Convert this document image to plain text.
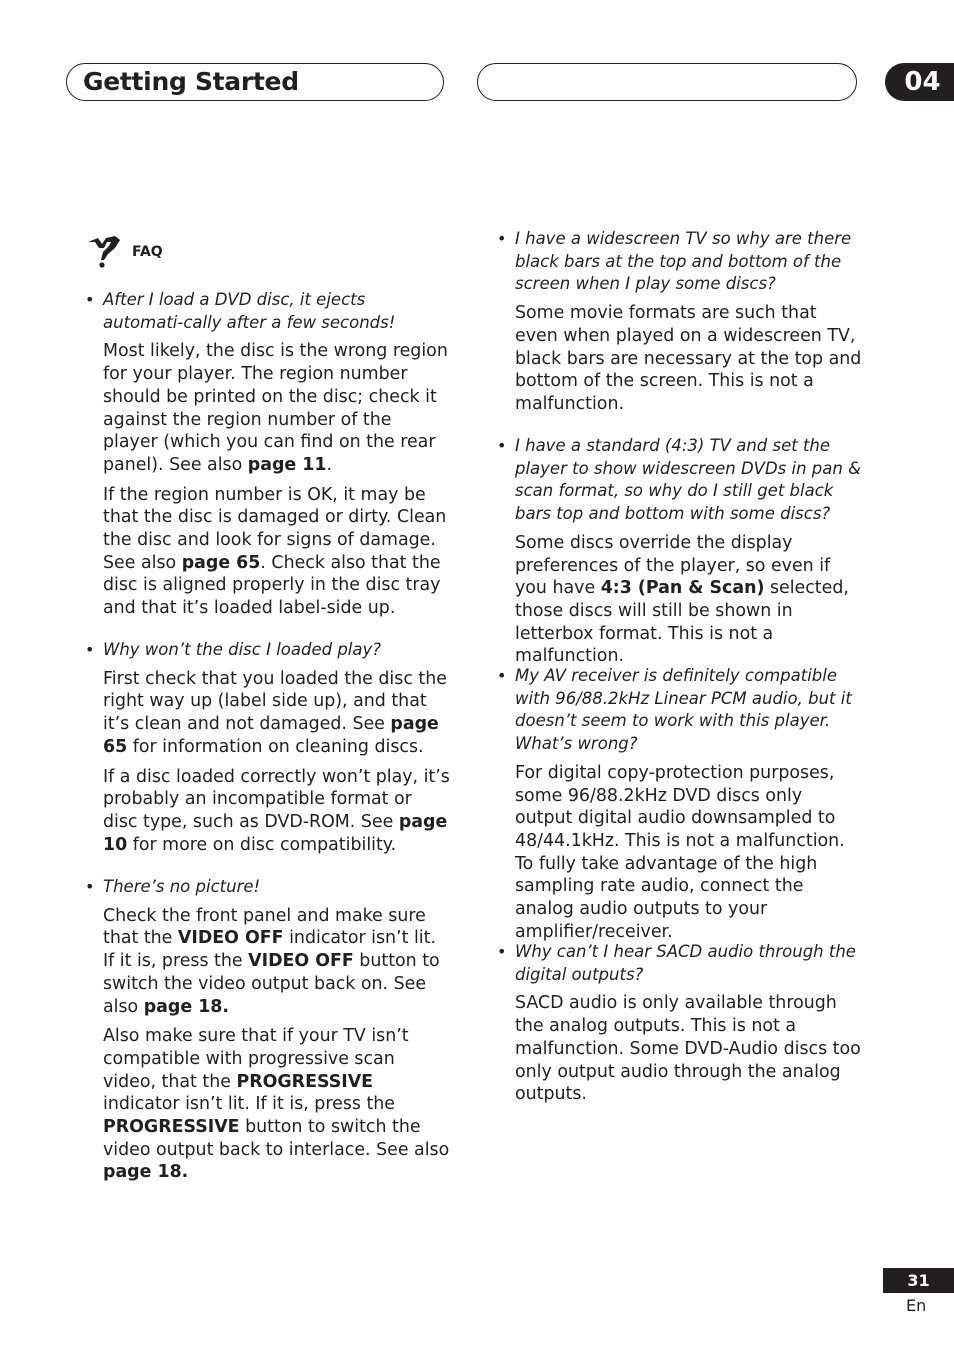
Getting Started	04
FAQ

• After I load a DVD disc, it ejects automati-cally after a few seconds!

Most likely, the disc is the wrong region for your player. The region number should be printed on the disc; check it against the region number of the player (which you can find on the rear panel). See also page 11.

If the region number is OK, it may be that the disc is damaged or dirty. Clean the disc and look for signs of damage. See also page 65. Check also that the disc is aligned properly in the disc tray and that it’s loaded label-side up.

• Why won’t the disc I loaded play?

First check that you loaded the disc the right way up (label side up), and that it’s clean and not damaged. See page 65 for information on cleaning discs.

If a disc loaded correctly won’t play, it’s probably an incompatible format or disc type, such as DVD-ROM. See page 10 for more on disc compatibility.

• There’s no picture!

Check the front panel and make sure that the VIDEO OFF indicator isn’t lit. If it is, press the VIDEO OFF button to switch the video output back on. See also page 18.

Also make sure that if your TV isn’t compatible with progressive scan video, that the PROGRESSIVE indicator isn’t lit. If it is, press the PROGRESSIVE button to switch the video output back to interlace. See also page 18.

• I have a widescreen TV so why are there black bars at the top and bottom of the screen when I play some discs?

Some movie formats are such that even when played on a widescreen TV, black bars are necessary at the top and bottom of the screen. This is not a malfunction.

• I have a standard (4:3) TV and set the player to show widescreen DVDs in pan & scan format, so why do I still get black bars top and bottom with some discs?

Some discs override the display preferences of the player, so even if you have 4:3 (Pan & Scan) selected, those discs will still be shown in letterbox format. This is not a malfunction.

• My AV receiver is definitely compatible with 96/88.2kHz Linear PCM audio, but it doesn’t seem to work with this player. What’s wrong?

For digital copy-protection purposes, some 96/88.2kHz DVD discs only output digital audio downsampled to 48/44.1kHz. This is not a malfunction. To fully take advantage of the high sampling rate audio, connect the analog audio outputs to your amplifier/receiver.

• Why can’t I hear SACD audio through the digital outputs?

SACD audio is only available through the analog outputs. This is not a malfunction. Some DVD-Audio discs too only output audio through the analog outputs.

31
En
